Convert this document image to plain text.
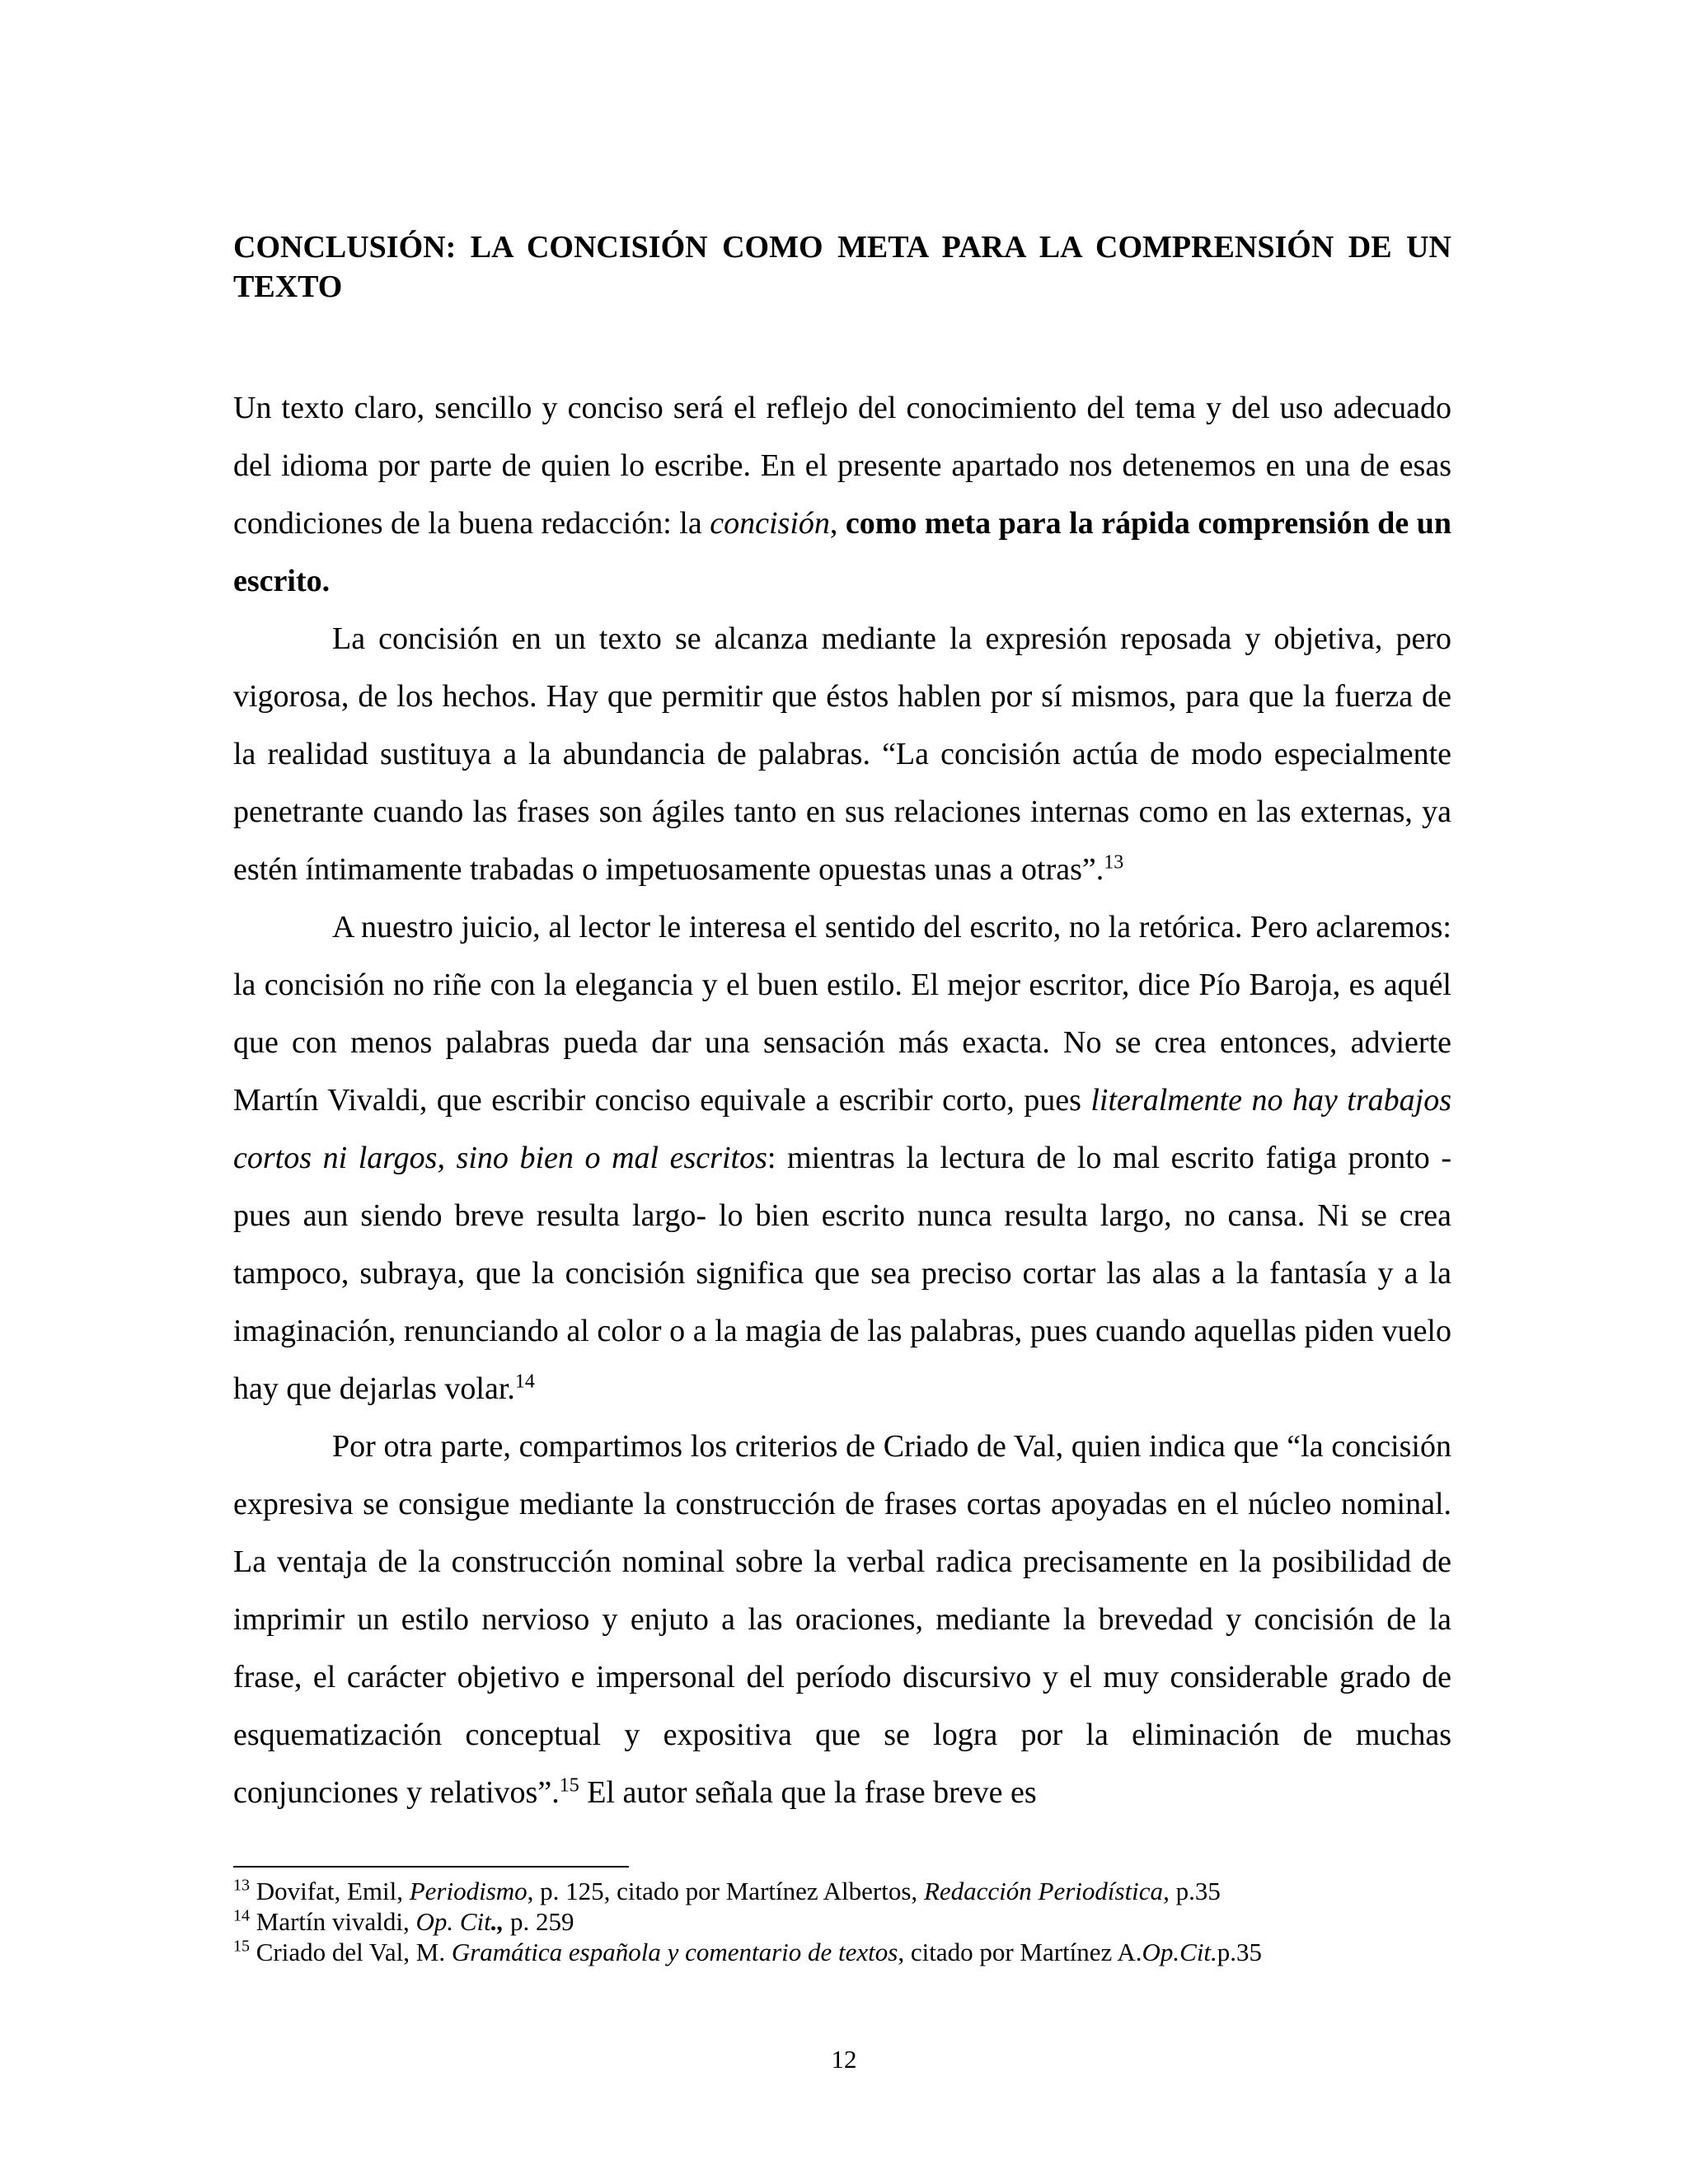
CONCLUSIÓN: LA CONCISIÓN COMO META PARA LA COMPRENSIÓN DE UN TEXTO

Un texto claro, sencillo y conciso será el reflejo del conocimiento del tema y del uso adecuado del idioma por parte de quien lo escribe. En el presente apartado nos detenemos en una de esas condiciones de la buena redacción: la concisión, como meta para la rápida comprensión de un escrito.

La concisión en un texto se alcanza mediante la expresión reposada y objetiva, pero vigorosa, de los hechos. Hay que permitir que éstos hablen por sí mismos, para que la fuerza de la realidad sustituya a la abundancia de palabras. “La concisión actúa de modo especialmente penetrante cuando las frases son ágiles tanto en sus relaciones internas como en las externas, ya estén íntimamente trabadas o impetuosamente opuestas unas a otras”.$^{13}$

A nuestro juicio, al lector le interesa el sentido del escrito, no la retórica. Pero aclaremos: la concisión no riñe con la elegancia y el buen estilo. El mejor escritor, dice Pío Baroja, es aquél que con menos palabras pueda dar una sensación más exacta. No se crea entonces, advierte Martín Vivaldi, que escribir conciso equivale a escribir corto, pues literalmente no hay trabajos cortos ni largos, sino bien o mal escritos: mientras la lectura de lo mal escrito fatiga pronto -pues aun siendo breve resulta largo- lo bien escrito nunca resulta largo, no cansa. Ni se crea tampoco, subraya, que la concisión significa que sea preciso cortar las alas a la fantasía y a la imaginación, renunciando al color o a la magia de las palabras, pues cuando aquellas piden vuelo hay que dejarlas volar.$^{14}$

Por otra parte, compartimos los criterios de Criado de Val, quien indica que “la concisión expresiva se consigue mediante la construcción de frases cortas apoyadas en el núcleo nominal. La ventaja de la construcción nominal sobre la verbal radica precisamente en la posibilidad de imprimir un estilo nervioso y enjuto a las oraciones, mediante la brevedad y concisión de la frase, el carácter objetivo e impersonal del período discursivo y el muy considerable grado de esquematización conceptual y expositiva que se logra por la eliminación de muchas conjunciones y relativos”.$^{15}$ El autor señala que la frase breve es

$^{13}$ Dovifat, Emil, Periodismo, p. 125, citado por Martínez Albertos, Redacción Periodística, p.35

$^{14}$ Martín vivaldi, Op. Cit., p. 259

$^{15}$ Criado del Val, M. Gramática española y comentario de textos, citado por Martínez A.Op.Cit.p.35

12
